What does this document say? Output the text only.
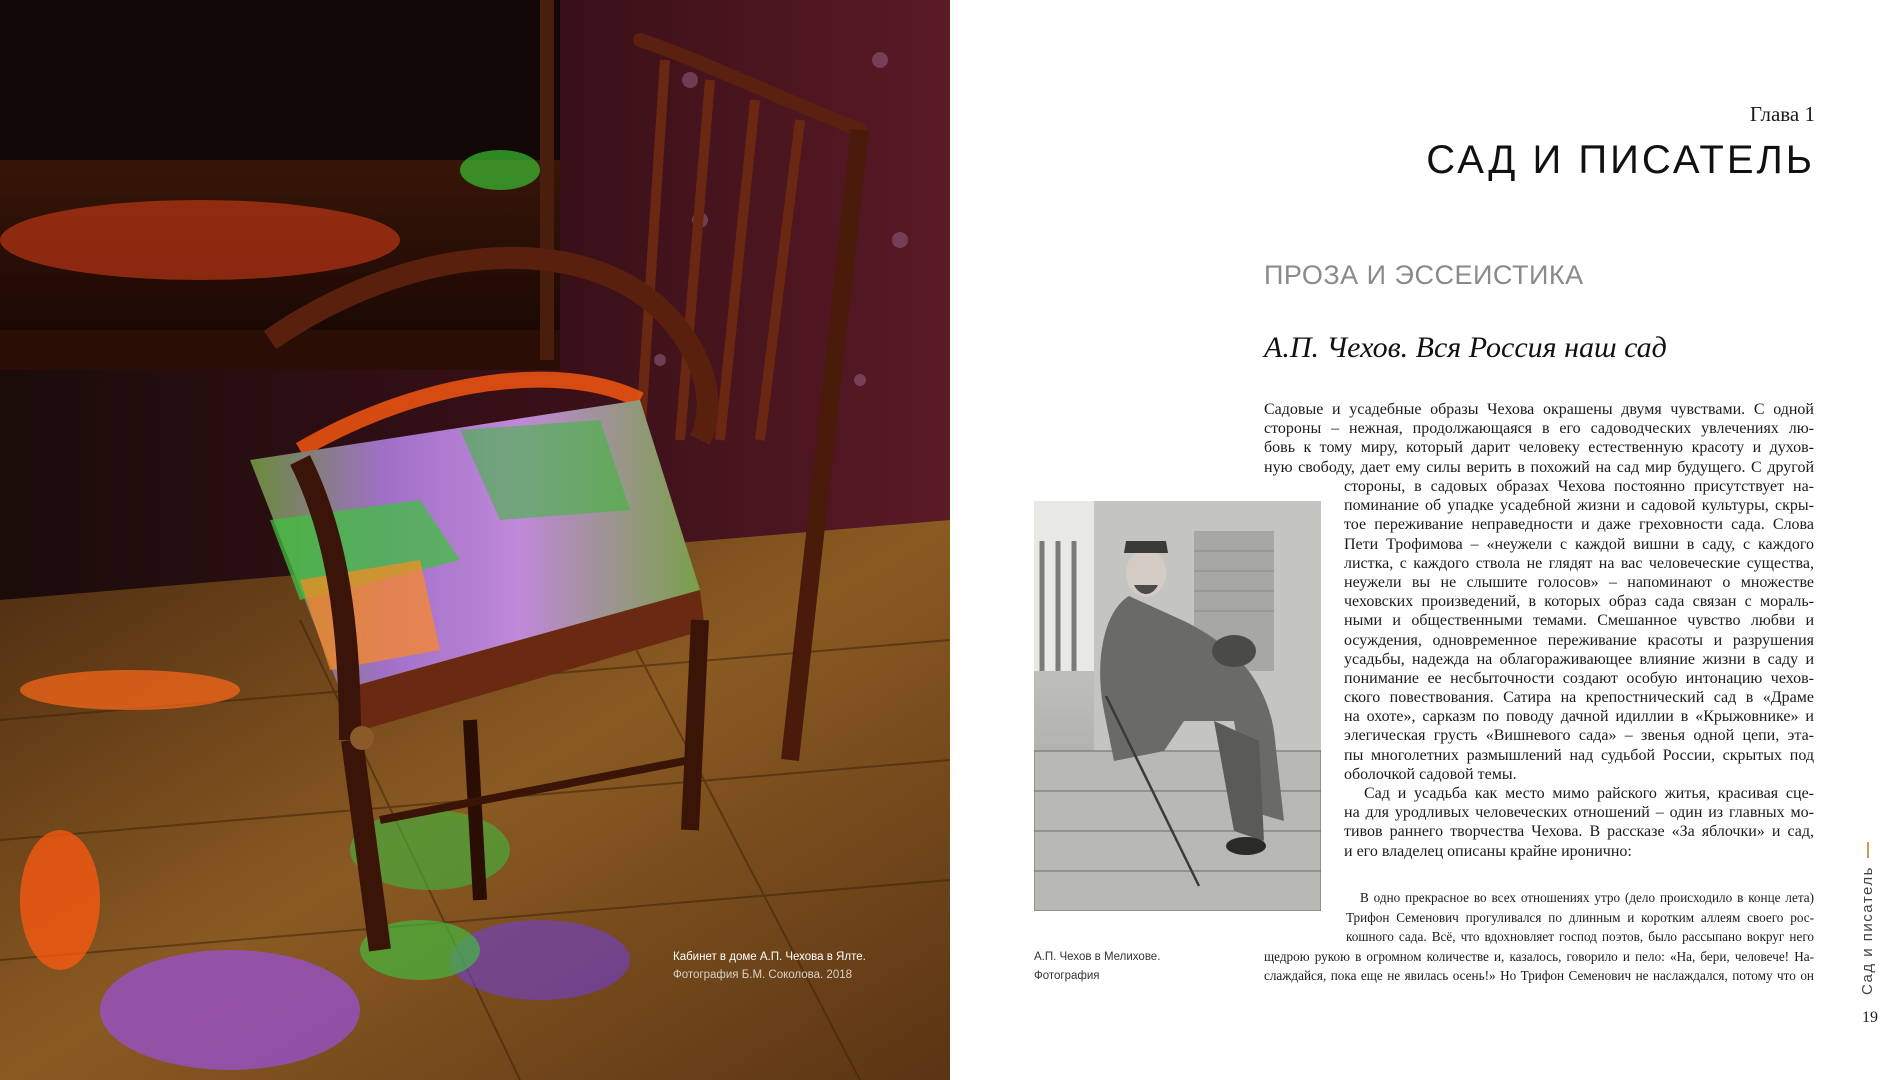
Кабинет в доме А.П. Чехова в Ялте.
Фотография Б.М. Соколова. 2018
Глава 1
САД И ПИСАТЕЛЬ
ПРОЗА И ЭССЕИСТИКА
А.П. Чехов. Вся Россия наш сад
Садовые и усадебные образы Чехова окрашены двумя чувствами. С одной
стороны – нежная, продолжающаяся в его садоводческих увлечениях лю-
бовь к тому миру, который дарит человеку естественную красоту и духов-
ную свободу, дает ему силы верить в похожий на сад мир будущего. С другой
стороны, в садовых образах Чехова постоянно присутствует на-
поминание об упадке усадебной жизни и садовой культуры, скры-
тое переживание неправедности и даже греховности сада. Слова
Пети Трофимова – «неужели с каждой вишни в саду, с каждого
листка, с каждого ствола не глядят на вас человеческие существа,
неужели вы не слышите голосов» – напоминают о множестве
чеховских произведений, в которых образ сада связан с мораль-
ными и общественными темами. Смешанное чувство любви и
осуждения, одновременное переживание красоты и разрушения
усадьбы, надежда на облагораживающее влияние жизни в саду и
понимание ее несбыточности создают особую интонацию чехов-
ского повествования. Сатира на крепостнический сад в «Драме
на охоте», сарказм по поводу дачной идиллии в «Крыжовнике» и
элегическая грусть «Вишневого сада» – звенья одной цепи, эта-
пы многолетних размышлений над судьбой России, скрытых под
оболочкой садовой темы.
Сад и усадьба как место мимо райского житья, красивая сце-
на для уродливых человеческих отношений – один из главных мо-
тивов раннего творчества Чехова. В рассказе «За яблочки» и сад,
и его владелец описаны крайне иронично:
А.П. Чехов в Мелихове.
Фотография
В одно прекрасное во всех отношениях утро (дело происходило в конце лета)
Трифон Семенович прогуливался по длинным и коротким аллеям своего рос-
кошного сада. Всё, что вдохновляет господ поэтов, было рассыпано вокруг него
щедрою рукою в огромном количестве и, казалось, говорило и пело: «На, бери, человече! На-
слаждайся, пока еще не явилась осень!» Но Трифон Семенович не наслаждался, потому что он	Сад и писатель
19
